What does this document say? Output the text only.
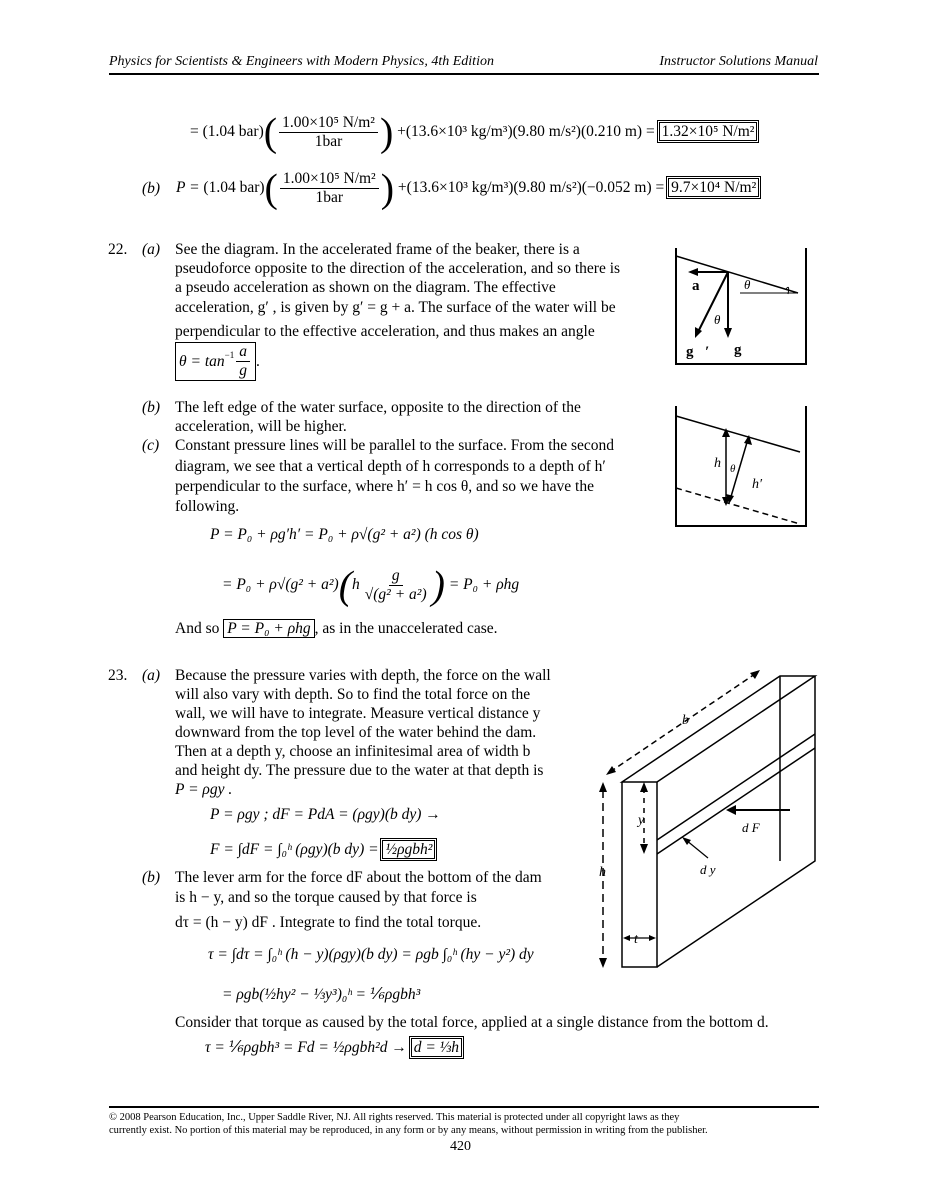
Physics for Scientists & Engineers with Modern Physics, 4th Edition	Instructor Solutions Manual
= (1.04 $bar)( \frac{\text{1.00×10⁵ N/m²}}{\text{1bar}}$ ) +(13.6×10³ kg/m³)(9.80 m/s²)(0.210 m) = 1.32×10⁵ N/m²
(b) P = (1.04 $bar)( \frac{\text{1.00×10⁵ N/m²}}{\text{1bar}}$ ) +(13.6×10³ kg/m³)(9.80 m/s²)(−0.052 m) = 9.7×10⁴ N/m²
22. (a) See the diagram. In the accelerated frame of the beaker, there is a
pseudoforce opposite to the direction of the acceleration, and so there is
a pseudo acceleration as shown on the diagram. The effective
acceleration, g′ , is given by g′ = g + a. The surface of the water will be
perpendicular to the effective acceleration, and thus makes an angle
$\theta = \tan^{-1} \frac{a}{g}$ .
a⃗	θ
θ
g⃗′ g⃗
(b) The left edge of the water surface, opposite to the direction of the
acceleration, will be higher.
(c) Constant pressure lines will be parallel to the surface. From the second
diagram, we see that a vertical depth of h corresponds to a depth of h′
perpendicular to the surface, where h′ = h cos θ, and so we have the
following.
h θ
h′
P = P₀ + ρg′h′ = P₀ + ρ√(g² + a²) (h cos θ)
= $P_0 + \rho√(g^2 + a^2)(h \frac{g}{\text{√(g² + a²)}}$ ) = P₀ + ρhg
And so P = P₀ + ρhg , as in the unaccelerated case.
23. (a) Because the pressure varies with depth, the force on the wall
will also vary with depth. So to find the total force on the
wall, we will have to integrate. Measure vertical distance y
downward from the top level of the water behind the dam.
Then at a depth y, choose an infinitesimal area of width b
and height dy. The pressure due to the water at that depth is
P = ρgy .
P = ρgy ; dF = PdA = (ρgy)(b dy) →
F = ∫dF = ∫₀ʰ (ρgy)(b dy) = ½ρgbh²
(b) The lever arm for the force dF about the bottom of the dam
is h − y, and so the torque caused by that force is
dτ = (h − y) dF . Integrate to find the total torque.
τ = ∫dτ = ∫₀ʰ (h − y)(ρgy)(b dy) = ρgb ∫₀ʰ (hy − y²) dy
= ρgb(½hy² − ⅓y³)₀ʰ = ⅙ρgbh³
Consider that torque as caused by the total force, applied at a single distance from the bottom d.
τ = ⅙ρgbh³ = Fd = ½ρgbh²d → d = ⅓h
b
y
h
d F
d y
t
© 2008 Pearson Education, Inc., Upper Saddle River, NJ. All rights reserved. This material is protected under all copyright laws as they
currently exist. No portion of this material may be reproduced, in any form or by any means, without permission in writing from the publisher.
420
